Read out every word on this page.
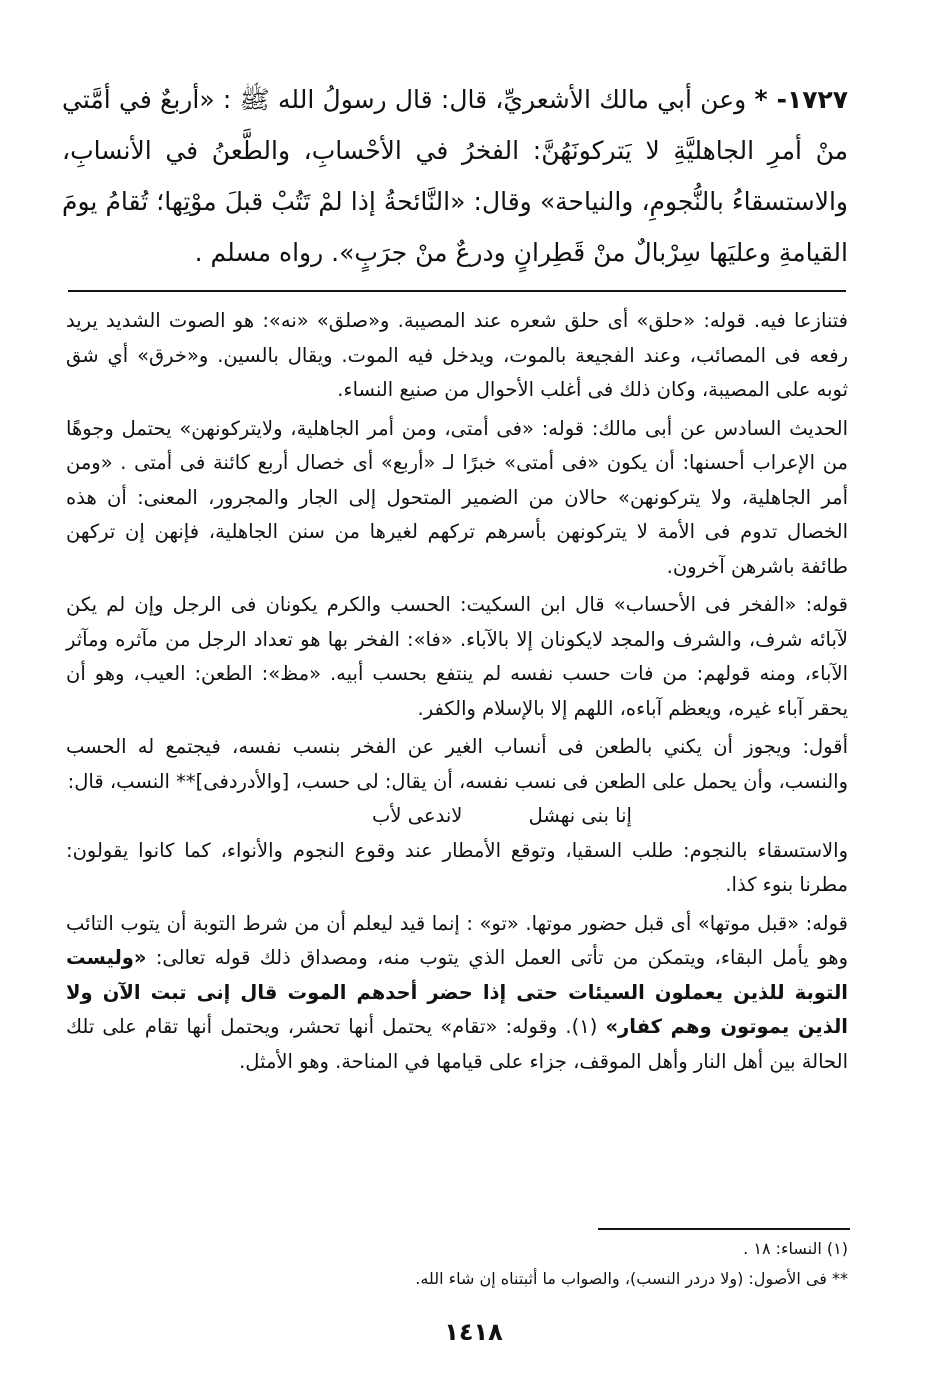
١٧٢٧- * وعن أبي مالك الأشعريِّ، قال: قال رسولُ الله ﷺ : «أربعٌ في أمَّتي منْ أمرِ الجاهليَّةِ لا يَتركونَهُنَّ: الفخرُ في الأحْسابِ، والطَّعنُ في الأنسابِ، والاستسقاءُ بالنُّجومِ، والنياحة» وقال: «النَّائحةُ إذا لمْ تَتُبْ قبلَ موْتِها؛ تُقامُ يومَ القيامةِ وعليَها سِرْبالٌ منْ قَطِرانٍ ودرعٌ منْ جرَبٍ». رواه مسلم .

فتنازعا فيه. قوله: «حلق» أى حلق شعره عند المصيبة. و«صلق» «نه»: هو الصوت الشديد يريد رفعه فى المصائب، وعند الفجيعة بالموت، ويدخل فيه الموت. ويقال بالسين. و«خرق» أي شق ثوبه على المصيبة، وكان ذلك فى أغلب الأحوال من صنيع النساء.

الحديث السادس عن أبى مالك: قوله: «فى أمتى، ومن أمر الجاهلية، ولايتركونهن» يحتمل وجوهًا من الإعراب أحسنها: أن يكون «فى أمتى» خبرًا لـ «أربع» أى خصال أربع كائنة فى أمتى . «ومن أمر الجاهلية، ولا يتركونهن» حالان من الضمير المتحول إلى الجار والمجرور، المعنى: أن هذه الخصال تدوم فى الأمة لا يتركونهن بأسرهم تركهم لغيرها من سنن الجاهلية، فإنهن إن تركهن طائفة باشرهن آخرون.

قوله: «الفخر فى الأحساب» قال ابن السكيت: الحسب والكرم يكونان فى الرجل وإن لم يكن لآبائه شرف، والشرف والمجد لايكونان إلا بالآباء. «فا»: الفخر بها هو تعداد الرجل من مآثره ومآثر الآباء، ومنه قولهم: من فات حسب نفسه لم ينتفع بحسب أبيه. «مظ»: الطعن: العيب، وهو أن يحقر آباء غيره، ويعظم آباءه، اللهم إلا بالإسلام والكفر.

أقول: ويجوز أن يكني بالطعن فى أنساب الغير عن الفخر بنسب نفسه، فيجتمع له الحسب والنسب، وأن يحمل على الطعن فى نسب نفسه، أن يقال: لى حسب، [والأدردفى]** النسب، قال:

إنا بنى نهشل لاندعى لأب

والاستسقاء بالنجوم: طلب السقيا، وتوقع الأمطار عند وقوع النجوم والأنواء، كما كانوا يقولون: مطرنا بنوء كذا.

قوله: «قبل موتها» أى قبل حضور موتها. «تو» : إنما قيد ليعلم أن من شرط التوبة أن يتوب التائب وهو يأمل البقاء، ويتمكن من تأتى العمل الذي يتوب منه، ومصداق ذلك قوله تعالى: «وليست التوبة للذين يعملون السيئات حتى إذا حضر أحدهم الموت قال إنى تبت الآن ولا الذين يموتون وهم كفار» (١). وقوله: «تقام» يحتمل أنها تحشر، ويحتمل أنها تقام على تلك الحالة بين أهل النار وأهل الموقف، جزاء على قيامها في المناحة. وهو الأمثل.

(١) النساء: ١٨ .

** فى الأصول: (ولا دردر النسب)، والصواب ما أثبتناه إن شاء الله.

١٤١٨
